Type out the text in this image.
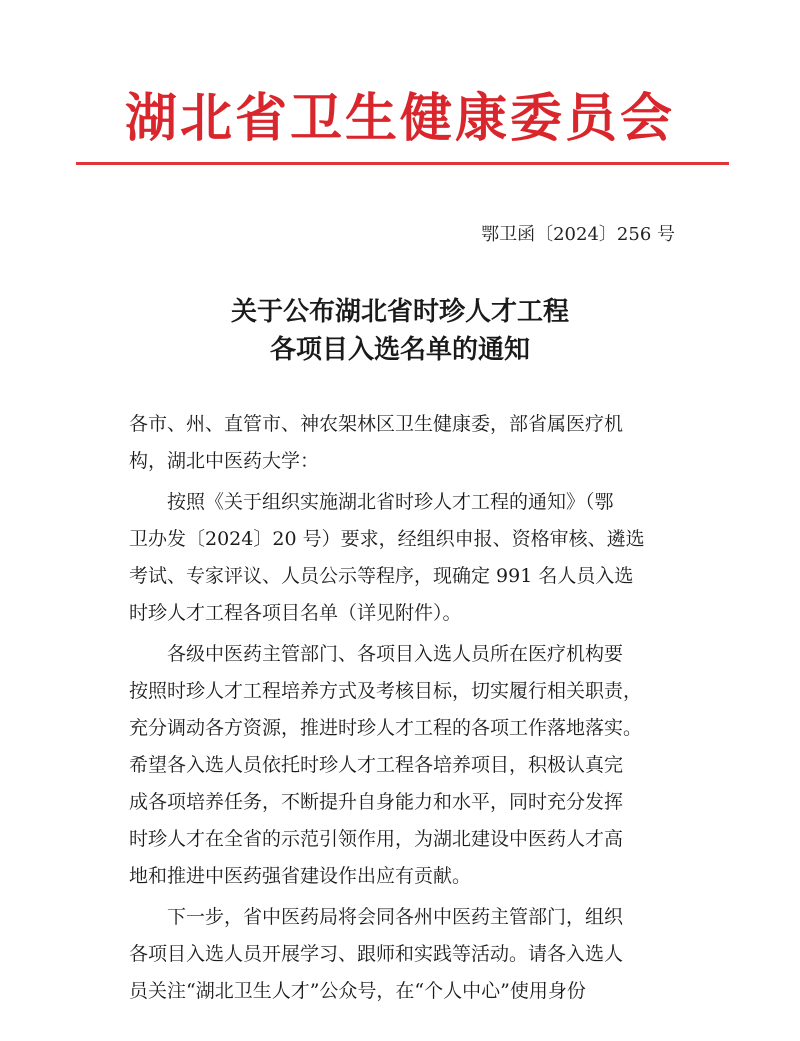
湖北省卫生健康委员会
鄂卫函〔2024〕256 号
关于公布湖北省时珍人才工程
各项目入选名单的通知
各市、州、直管市、神农架林区卫生健康委，部省属医疗机
构，湖北中医药大学：
　　按照《关于组织实施湖北省时珍人才工程的通知》（鄂
卫办发〔2024〕20 号）要求，经组织申报、资格审核、遴选
考试、专家评议、人员公示等程序，现确定 991 名人员入选
时珍人才工程各项目名单（详见附件）。
　　各级中医药主管部门、各项目入选人员所在医疗机构要
按照时珍人才工程培养方式及考核目标，切实履行相关职责，
充分调动各方资源，推进时珍人才工程的各项工作落地落实。
希望各入选人员依托时珍人才工程各培养项目，积极认真完
成各项培养任务，不断提升自身能力和水平，同时充分发挥
时珍人才在全省的示范引领作用，为湖北建设中医药人才高
地和推进中医药强省建设作出应有贡献。
　　下一步，省中医药局将会同各州中医药主管部门，组织
各项目入选人员开展学习、跟师和实践等活动。请各入选人
员关注“湖北卫生人才”公众号，在“个人中心”使用身份
